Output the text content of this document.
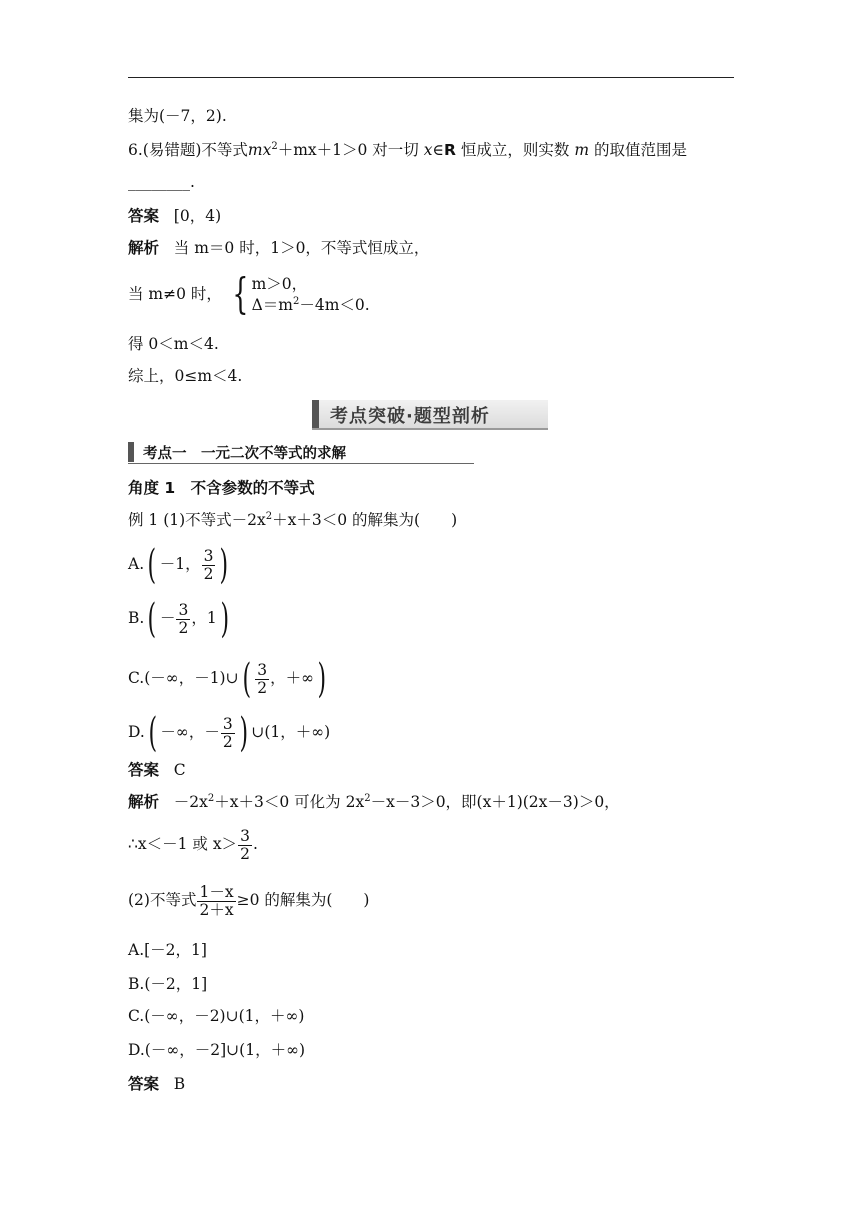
集为(－7，2).
6.(易错题)不等式$mx^2+mx+1>0$ 对一切 x∈R 恒成立，则实数 m 的取值范围是
________.
答案 [0，4)
解析 当 m＝0 时，1＞0，不等式恒成立，
当 m≠0 时， { m＞0，
$\Delta=m^2-4m<0$.
得 0＜m＜4.
综上，0≤m＜4.
考点突破·题型剖析
考点一　一元二次不等式的求解
角度 1　不含参数的不等式
例 1 (1)不等式$-2x^2+x+3<0$ 的解集为(　　)
A.( －1， $\frac{3}{2}$ )
$B.( - \frac{3}{2}$ ，1)
C.(－∞，－1)∪( $\frac{3}{2}$ ，＋∞)
D.( －∞，－ $\frac{3}{2}$ ) ∪(1，＋∞)
答案 C
解析 $-2x^2+x+3<0$ 可化为 $2x^2-x-3>0$，即(x＋1)(2x－3)＞0，
∴x＜－1 或 $x> \frac{3}{2}$ .
(2)不等式 $\frac{1-x}{2+x} \ge 0$ 的解集为(　　)
A.[－2，1]
B.(－2，1]
C.(－∞，－2)∪(1，＋∞)
D.(－∞，－2]∪(1，＋∞)
答案 B
